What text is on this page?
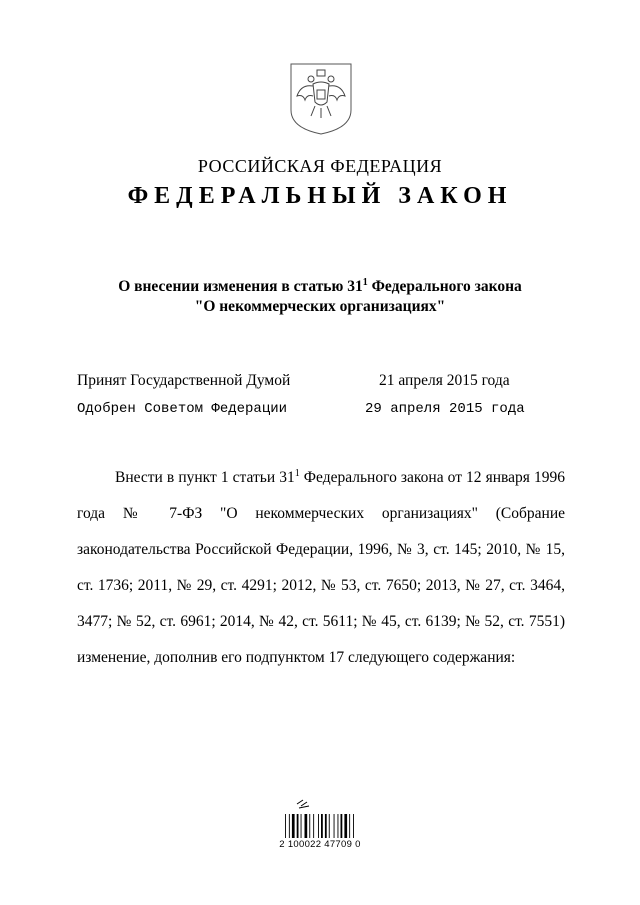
РОССИЙСКАЯ ФЕДЕРАЦИЯ
ФЕДЕРАЛЬНЫЙ ЗАКОН
О внесении изменения в статью $31^1$ Федерального закона
"О некоммерческих организациях"
Принят Государственной Думой	21 апреля 2015 года
Одобрен Советом Федерации	29 апреля 2015 года

Внести в пункт 1 статьи $31^1$ Федерального закона от 12 января 1996 года № 7-ФЗ "О некоммерческих организациях" (Собрание законодательства Российской Федерации, 1996, № 3, ст. 145; 2010, № 15, ст. 1736; 2011, № 29, ст. 4291; 2012, № 53, ст. 7650; 2013, № 27, ст. 3464, 3477; № 52, ст. 6961; 2014, № 42, ст. 5611; № 45, ст. 6139; № 52, ст. 7551) изменение, дополнив его подпунктом 17 следующего содержания:

2 100022 47709 0
